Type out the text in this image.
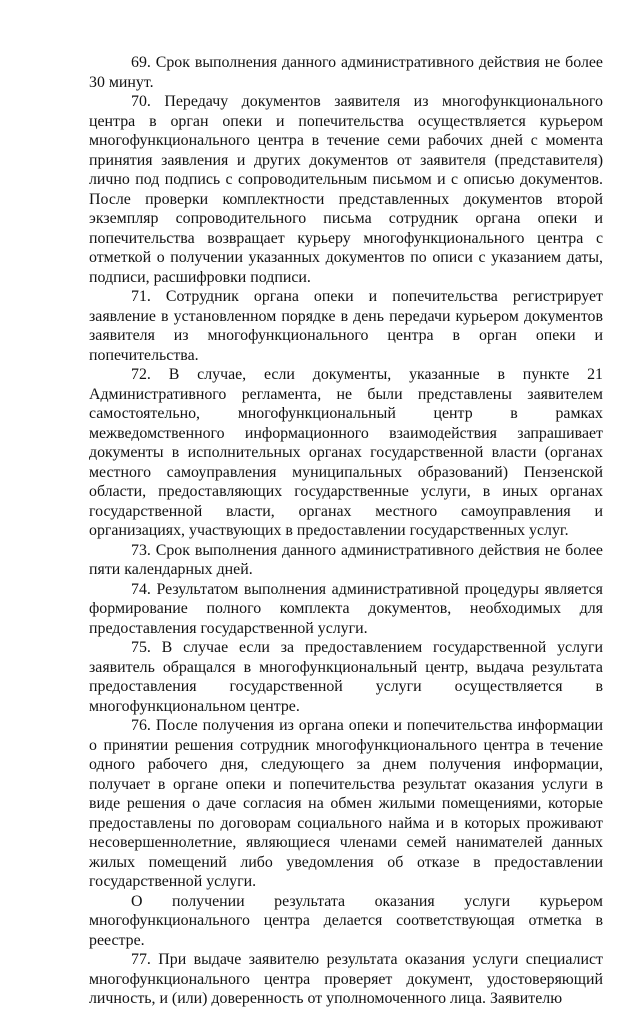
69. Срок выполнения данного административного действия не более 30 минут.

70. Передачу документов заявителя из многофункционального центра в орган опеки и попечительства осуществляется курьером многофункционального центра в течение семи рабочих дней с момента принятия заявления и других документов от заявителя (представителя) лично под подпись с сопроводительным письмом и с описью документов. После проверки комплектности представленных документов второй экземпляр сопроводительного письма сотрудник органа опеки и попечительства возвращает курьеру многофункционального центра с отметкой о получении указанных документов по описи с указанием даты, подписи, расшифровки подписи.

71. Сотрудник органа опеки и попечительства регистрирует заявление в установленном порядке в день передачи курьером документов заявителя из многофункционального центра в орган опеки и попечительства.

72. В случае, если документы, указанные в пункте 21 Административного регламента, не были представлены заявителем самостоятельно, многофункциональный центр в рамках межведомственного информационного взаимодействия запрашивает документы в исполнительных органах государственной власти (органах местного самоуправления муниципальных образований) Пензенской области, предоставляющих государственные услуги, в иных органах государственной власти, органах местного самоуправления и организациях, участвующих в предоставлении государственных услуг.

73. Срок выполнения данного административного действия не более пяти календарных дней.

74. Результатом выполнения административной процедуры является формирование полного комплекта документов, необходимых для предоставления государственной услуги.

75. В случае если за предоставлением государственной услуги заявитель обращался в многофункциональный центр, выдача результата предоставления государственной услуги осуществляется в многофункциональном центре.

76. После получения из органа опеки и попечительства информации о принятии решения сотрудник многофункционального центра в течение одного рабочего дня, следующего за днем получения информации, получает в органе опеки и попечительства результат оказания услуги в виде решения о даче согласия на обмен жилыми помещениями, которые предоставлены по договорам социального найма и в которых проживают несовершеннолетние, являющиеся членами семей нанимателей данных жилых помещений либо уведомления об отказе в предоставлении государственной услуги.

О получении результата оказания услуги курьером многофункционального центра делается соответствующая отметка в реестре.

77. При выдаче заявителю результата оказания услуги специалист многофункционального центра проверяет документ, удостоверяющий личность, и (или) доверенность от уполномоченного лица. Заявителю
